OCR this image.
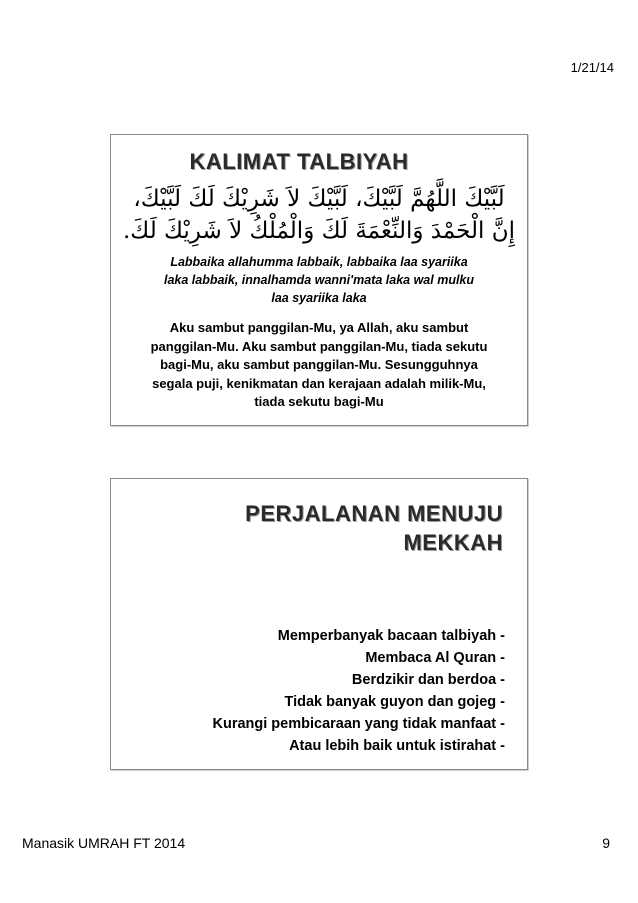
1/21/14
KALIMAT TALBIYAH
لَبَّيْكَ اللَّهُمَّ لَبَّيْكَ، لَبَّيْكَ لاَ شَرِيْكَ لَكَ لَبَّيْكَ،
إِنَّ الْحَمْدَ وَالنِّعْمَةَ لَكَ وَالْمُلْكُ لاَ شَرِيْكَ لَكَ.
Labbaika allahumma labbaik, labbaika laa syariika
laka labbaik, innalhamda wanni'mata laka wal mulku
laa syariika laka
Aku sambut panggilan-Mu, ya Allah, aku sambut
panggilan-Mu. Aku sambut panggilan-Mu, tiada sekutu
bagi-Mu, aku sambut panggilan-Mu. Sesungguhnya
segala puji, kenikmatan dan kerajaan adalah milik-Mu,
tiada sekutu bagi-Mu
PERJALANAN MENUJU
MEKKAH
Memperbanyak bacaan talbiyah -
Membaca Al Quran -
Berdzikir dan berdoa -
Tidak banyak guyon dan gojeg -
Kurangi pembicaraan yang tidak manfaat -
Atau lebih baik untuk istirahat -
Manasik UMRAH FT 2014	9
